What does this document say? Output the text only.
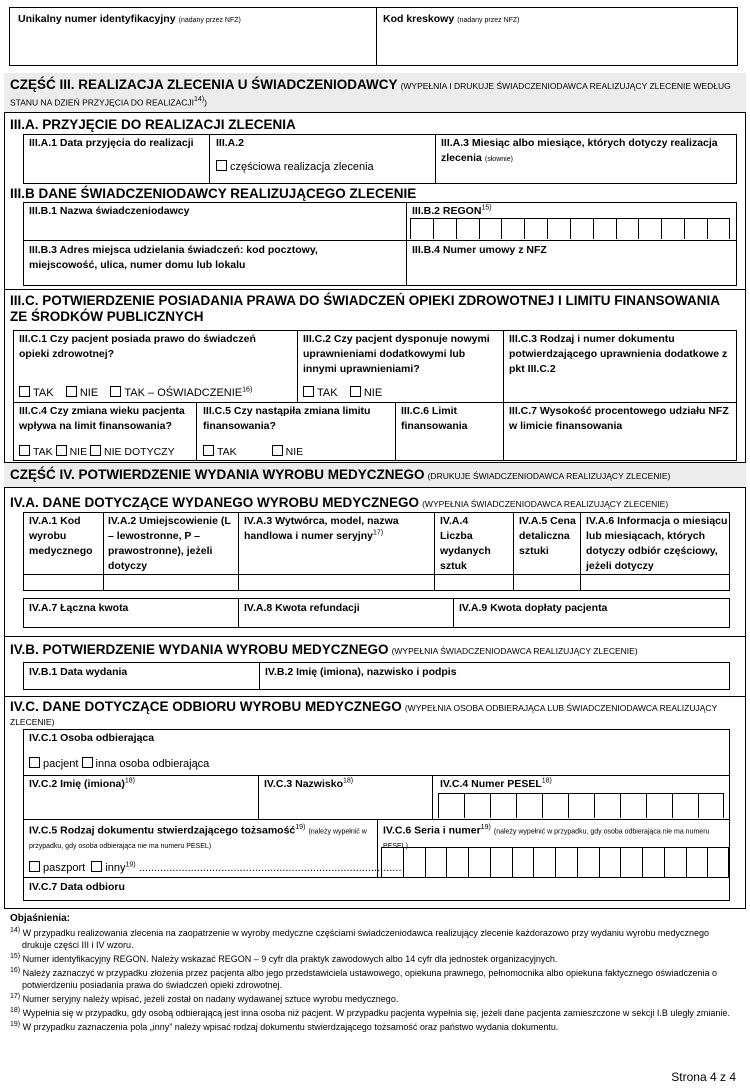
Unikalny numer identyfikacyjny (nadany przez NFZ)	Kod kreskowy (nadany przez NFZ)
CZĘŚĆ III. REALIZACJA ZLECENIA U ŚWIADCZENIODAWCY (WYPEŁNIA I DRUKUJE ŚWIADCZENIODAWCA REALIZUJĄCY ZLECENIE WEDŁUG STANU NA DZIEŃ PRZYJĘCIA DO REALIZACJI$^{14)}$)
III.A. PRZYJĘCIE DO REALIZACJI ZLECENIA
III.A.1 Data przyjęcia do realizacji	III.A.2
częściowa realizacja zlecenia
III.A.3 Miesiąc albo miesiące, których dotyczy realizacja zlecenia (słownie)
III.B DANE ŚWIADCZENIODAWCY REALIZUJĄCEGO ZLECENIE
III.B.1 Nazwa świadczeniodawcy	III.B.2 REGON$^{15)}$
III.B.3 Adres miejsca udzielania świadczeń: kod pocztowy, miejscowość, ulica, numer domu lub lokalu
III.B.4 Numer umowy z NFZ
III.C. POTWIERDZENIE POSIADANIA PRAWA DO ŚWIADCZEŃ OPIEKI ZDROWOTNEJ I LIMITU FINANSOWANIA ZE ŚRODKÓW PUBLICZNYCH
III.C.1 Czy pacjent posiada prawo do świadczeń opieki zdrowotnej?
TAK NIE TAK – OŚWIADCZENIE$^{16)}$
III.C.2 Czy pacjent dysponuje nowymi uprawnieniami dodatkowymi lub innymi uprawnieniami?
TAK NIE
III.C.3 Rodzaj i numer dokumentu potwierdzającego uprawnienia dodatkowe z pkt III.C.2
III.C.4 Czy zmiana wieku pacjenta wpływa na limit finansowania?
TAK NIE NIE DOTYCZY
III.C.5 Czy nastąpiła zmiana limitu finansowania?
TAK	NIE
III.C.6 Limit finansowania
III.C.7 Wysokość procentowego udziału NFZ w limicie finansowania
CZĘŚĆ IV. POTWIERDZENIE WYDANIA WYROBU MEDYCZNEGO (DRUKUJE ŚWIADCZENIODAWCA REALIZUJĄCY ZLECENIE)
IV.A. DANE DOTYCZĄCE WYDANEGO WYROBU MEDYCZNEGO (WYPEŁNIA ŚWIADCZENIODAWCA REALIZUJĄCY ZLECENIE)
IV.A.1 Kod wyrobu medycznego
IV.A.2 Umiejscowienie (L – lewostronne, P – prawostronne), jeżeli dotyczy
IV.A.3 Wytwórca, model, nazwa handlowa i numer seryjny$^{17)}$
IV.A.4 Liczba wydanych sztuk
IV.A.5 Cena detaliczna sztuki
IV.A.6 Informacja o miesiącu lub miesiącach, których dotyczy odbiór częściowy, jeżeli dotyczy
IV.A.7 Łączna kwota	IV.A.8 Kwota refundacji	IV.A.9 Kwota dopłaty pacjenta
IV.B. POTWIERDZENIE WYDANIA WYROBU MEDYCZNEGO (WYPEŁNIA ŚWIADCZENIODAWCA REALIZUJĄCY ZLECENIE)
IV.B.1 Data wydania	IV.B.2 Imię (imiona), nazwisko i podpis
IV.C. DANE DOTYCZĄCE ODBIORU WYROBU MEDYCZNEGO (WYPEŁNIA OSOBA ODBIERAJĄCA LUB ŚWIADCZENIODAWCA REALIZUJĄCY ZLECENIE)
IV.C.1 Osoba odbierająca
pacjent inna osoba odbierająca
IV.C.2 Imię (imiona)$^{18)}$	IV.C.3 Nazwisko$^{18)}$	IV.C.4 Numer PESEL$^{18)}$
IV.C.5 Rodzaj dokumentu stwierdzającego tożsamość$^{19)}$ (należy wypełnić w przypadku, gdy osoba odbierająca nie ma numeru PESEL)
paszport inny$^{19)}$ ......................................................................................
IV.C.6 Seria i numer$^{19)}$ (należy wypełnić w przypadku, gdy osoba odbierająca nie ma numeru PESEL)
IV.C.7 Data odbioru
Objaśnienia:
$^{14)}$ W przypadku realizowania zlecenia na zaopatrzenie w wyroby medyczne częściami świadczeniodawca realizujący zlecenie każdorazowo przy wydaniu wyrobu medycznego drukuje części III i IV wzoru.
$^{15)}$ Numer identyfikacyjny REGON. Należy wskazać REGON – 9 cyfr dla praktyk zawodowych albo 14 cyfr dla jednostek organizacyjnych.
$^{16)}$ Należy zaznaczyć w przypadku złożenia przez pacjenta albo jego przedstawiciela ustawowego, opiekuna prawnego, pełnomocnika albo opiekuna faktycznego oświadczenia o potwierdzeniu posiadania prawa do świadczeń opieki zdrowotnej.
$^{17)}$ Numer seryjny należy wpisać, jeżeli został on nadany wydawanej sztuce wyrobu medycznego.
$^{18)}$ Wypełnia się w przypadku, gdy osobą odbierającą jest inna osoba niż pacjent. W przypadku pacjenta wypełnia się, jeżeli dane pacjenta zamieszczone w sekcji I.B uległy zmianie.
$^{19)}$ W przypadku zaznaczenia pola „inny” należy wpisać rodzaj dokumentu stwierdzającego tożsamość oraz państwo wydania dokumentu.
Strona 4 z 4
